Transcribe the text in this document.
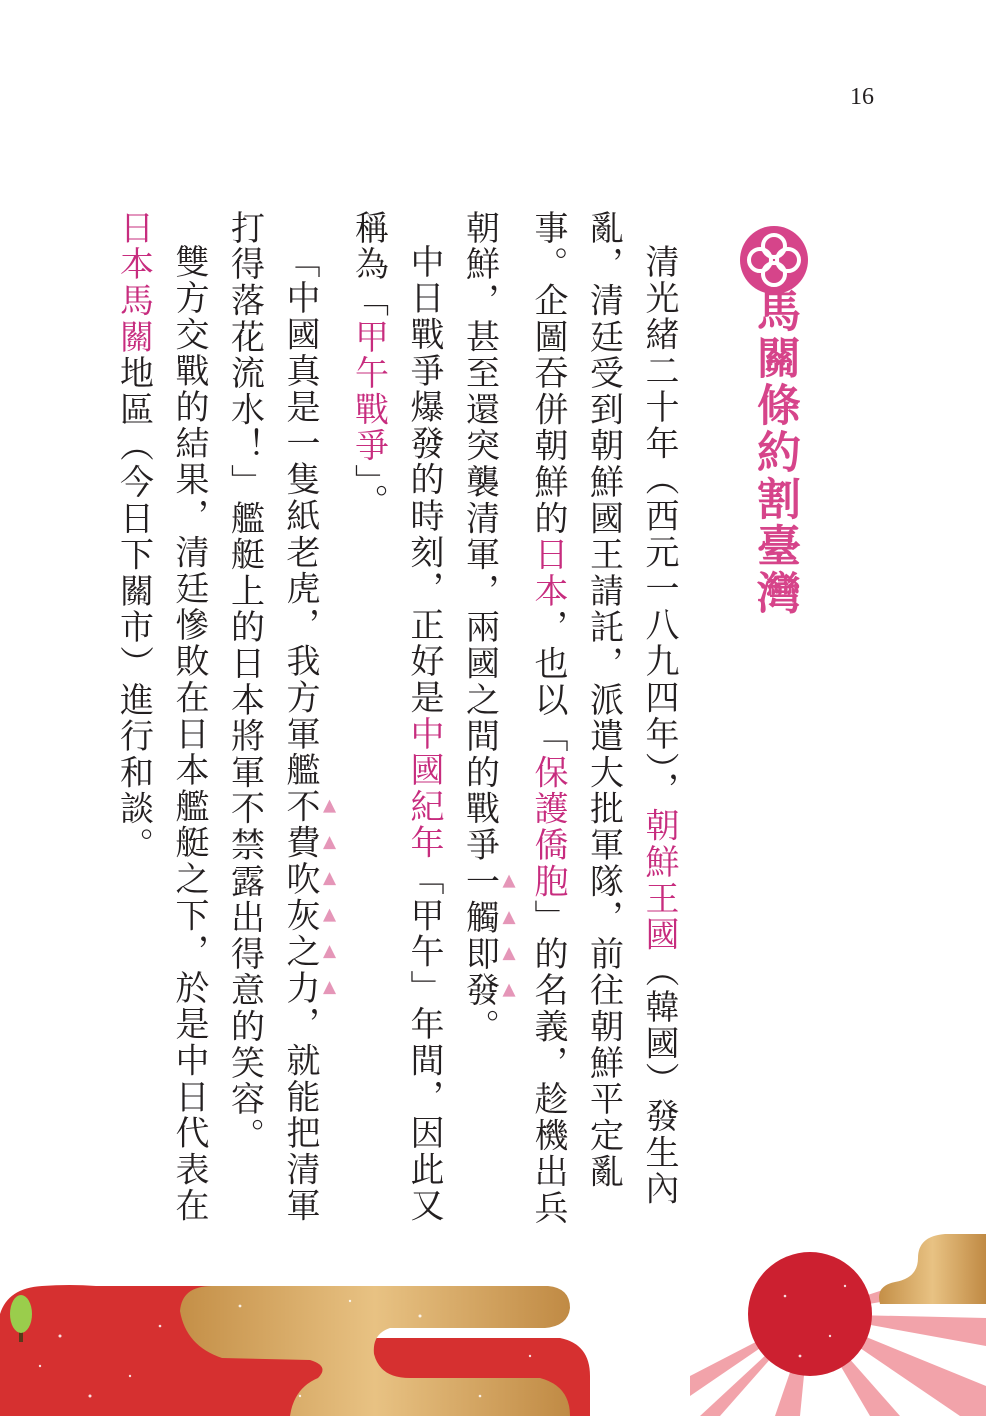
16
馬關條約割臺灣

清光緒二十年（西元一八九四年），朝鮮王國（韓國）發生內亂，清廷受到朝鮮國王請託，派遣大批軍隊，前往朝鮮平定亂事。企圖吞併朝鮮的日本，也以「保護僑胞」的名義，趁機出兵朝鮮，甚至還突襲清軍，兩國之間的戰爭一觸即發。

中日戰爭爆發的時刻，正好是中國紀年「甲午」年間，因此又稱為「甲午戰爭」。

「中國真是一隻紙老虎，我方軍艦不費吹灰之力，就能把清軍打得落花流水！」艦艇上的日本將軍不禁露出得意的笑容。

雙方交戰的結果，清廷慘敗在日本艦艇之下，於是中日代表在日本馬關地區（今日下關市）進行和談。
